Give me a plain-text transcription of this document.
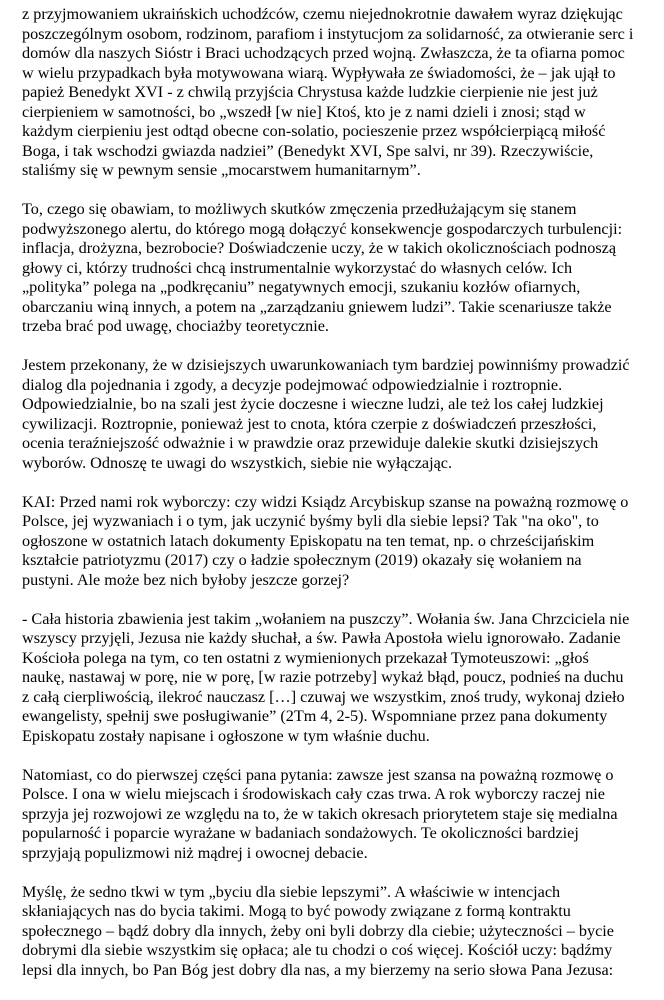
z przyjmowaniem ukraińskich uchodźców, czemu niejednokrotnie dawałem wyraz dziękując
poszczególnym osobom, rodzinom, parafiom i instytucjom za solidarność, za otwieranie serc i
domów dla naszych Sióstr i Braci uchodzących przed wojną. Zwłaszcza, że ta ofiarna pomoc
w wielu przypadkach była motywowana wiarą. Wypływała ze świadomości, że – jak ujął to
papież Benedykt XVI - z chwilą przyjścia Chrystusa każde ludzkie cierpienie nie jest już
cierpieniem w samotności, bo „wszedł [w nie] Ktoś, kto je z nami dzieli i znosi; stąd w
każdym cierpieniu jest odtąd obecne con-solatio, pocieszenie przez współcierpiącą miłość
Boga, i tak wschodzi gwiazda nadziei” (Benedykt XVI, Spe salvi, nr 39). Rzeczywiście,
staliśmy się w pewnym sensie „mocarstwem humanitarnym”.

To, czego się obawiam, to możliwych skutków zmęczenia przedłużającym się stanem
podwyższonego alertu, do którego mogą dołączyć konsekwencje gospodarczych turbulencji:
inflacja, drożyzna, bezrobocie? Doświadczenie uczy, że w takich okolicznościach podnoszą
głowy ci, którzy trudności chcą instrumentalnie wykorzystać do własnych celów. Ich
„polityka” polega na „podkręcaniu” negatywnych emocji, szukaniu kozłów ofiarnych,
obarczaniu winą innych, a potem na „zarządzaniu gniewem ludzi”. Takie scenariusze także
trzeba brać pod uwagę, chociażby teoretycznie.

Jestem przekonany, że w dzisiejszych uwarunkowaniach tym bardziej powinniśmy prowadzić
dialog dla pojednania i zgody, a decyzje podejmować odpowiedzialnie i roztropnie.
Odpowiedzialnie, bo na szali jest życie doczesne i wieczne ludzi, ale też los całej ludzkiej
cywilizacji. Roztropnie, ponieważ jest to cnota, która czerpie z doświadczeń przeszłości,
ocenia teraźniejszość odważnie i w prawdzie oraz przewiduje dalekie skutki dzisiejszych
wyborów. Odnoszę te uwagi do wszystkich, siebie nie wyłączając.

KAI: Przed nami rok wyborczy: czy widzi Ksiądz Arcybiskup szanse na poważną rozmowę o
Polsce, jej wyzwaniach i o tym, jak uczynić byśmy byli dla siebie lepsi? Tak "na oko", to
ogłoszone w ostatnich latach dokumenty Episkopatu na ten temat, np. o chrześcijańskim
kształcie patriotyzmu (2017) czy o ładzie społecznym (2019) okazały się wołaniem na
pustyni. Ale może bez nich byłoby jeszcze gorzej?

- Cała historia zbawienia jest takim „wołaniem na puszczy”. Wołania św. Jana Chrzciciela nie
wszyscy przyjęli, Jezusa nie każdy słuchał, a św. Pawła Apostoła wielu ignorowało. Zadanie
Kościoła polega na tym, co ten ostatni z wymienionych przekazał Tymoteuszowi: „głoś
naukę, nastawaj w porę, nie w porę, [w razie potrzeby] wykaż błąd, poucz, podnieś na duchu
z całą cierpliwością, ilekroć nauczasz […] czuwaj we wszystkim, znoś trudy, wykonaj dzieło
ewangelisty, spełnij swe posługiwanie” (2Tm 4, 2-5). Wspomniane przez pana dokumenty
Episkopatu zostały napisane i ogłoszone w tym właśnie duchu.

Natomiast, co do pierwszej części pana pytania: zawsze jest szansa na poważną rozmowę o
Polsce. I ona w wielu miejscach i środowiskach cały czas trwa. A rok wyborczy raczej nie
sprzyja jej rozwojowi ze względu na to, że w takich okresach priorytetem staje się medialna
popularność i poparcie wyrażane w badaniach sondażowych. Te okoliczności bardziej
sprzyjają populizmowi niż mądrej i owocnej debacie.

Myślę, że sedno tkwi w tym „byciu dla siebie lepszymi”. A właściwie w intencjach
skłaniających nas do bycia takimi. Mogą to być powody związane z formą kontraktu
społecznego – bądź dobry dla innych, żeby oni byli dobrzy dla ciebie; użyteczności – bycie
dobrymi dla siebie wszystkim się opłaca; ale tu chodzi o coś więcej. Kościół uczy: bądźmy
lepsi dla innych, bo Pan Bóg jest dobry dla nas, a my bierzemy na serio słowa Pana Jezusa:
